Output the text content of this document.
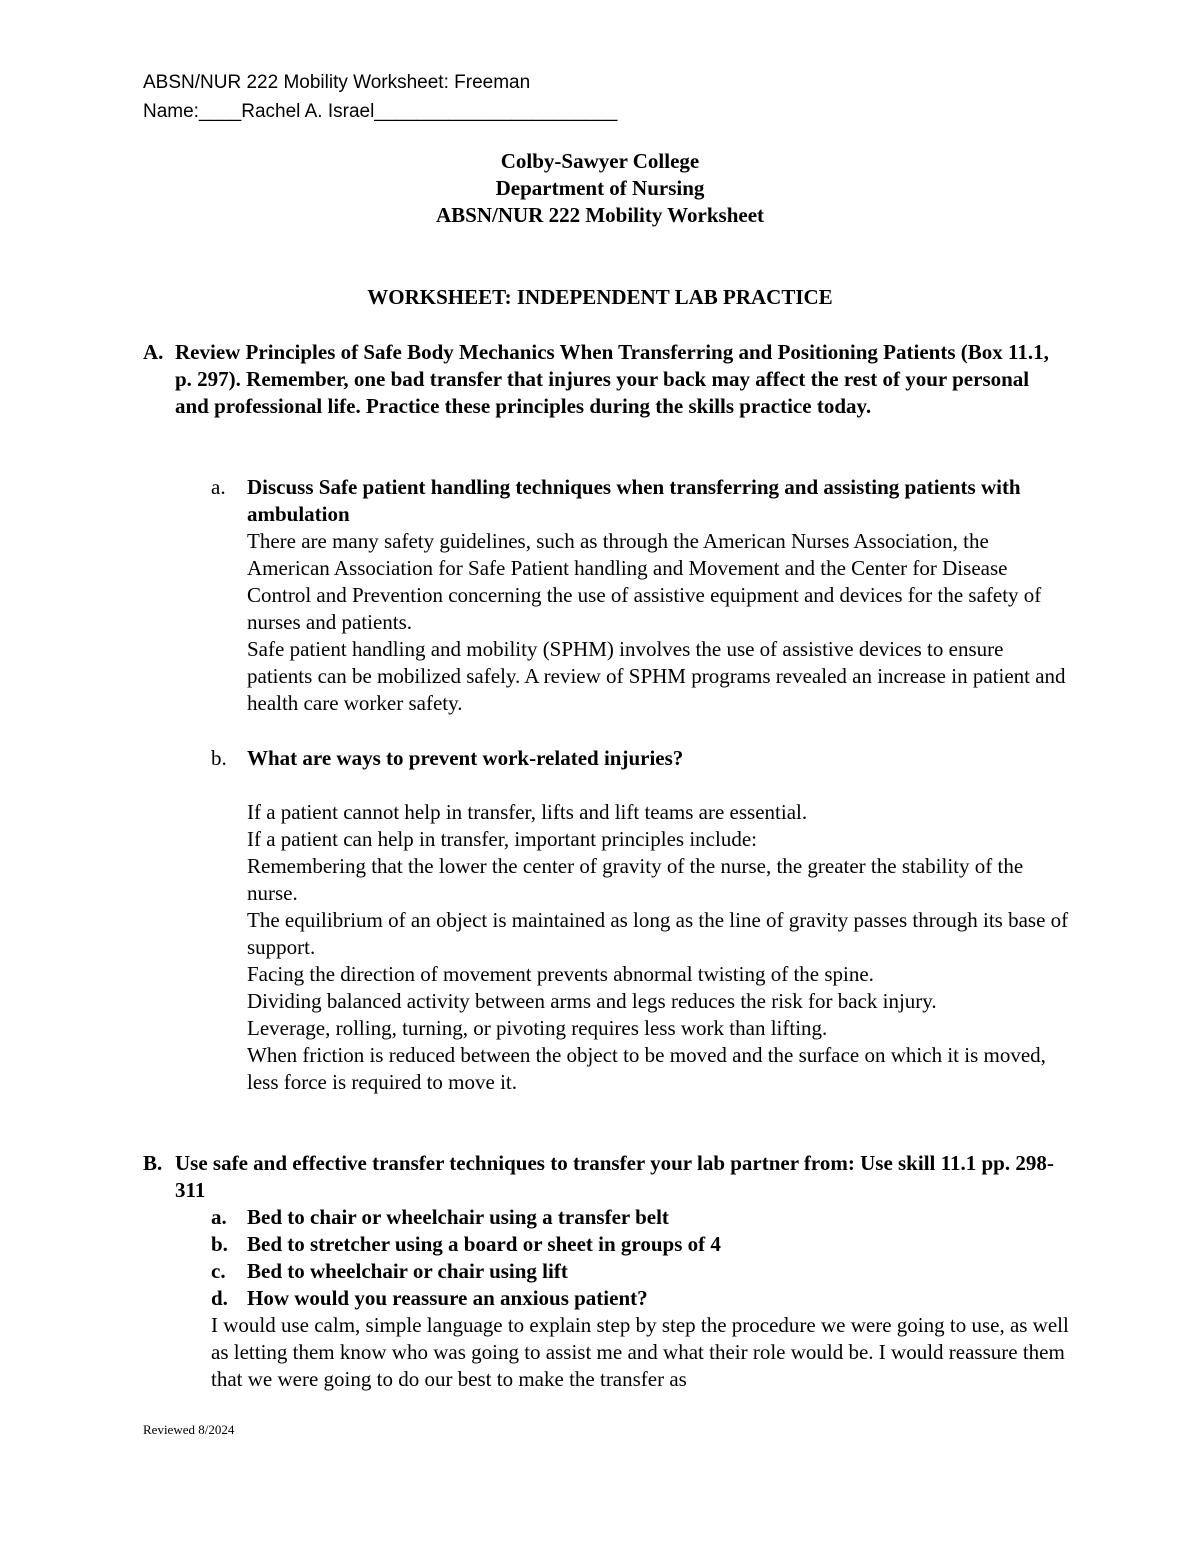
ABSN/NUR 222 Mobility Worksheet: Freeman
Name:____Rachel A. Israel_______________________
Colby-Sawyer College
Department of Nursing
ABSN/NUR 222 Mobility Worksheet
WORKSHEET: INDEPENDENT LAB PRACTICE
A. Review Principles of Safe Body Mechanics When Transferring and Positioning Patients (Box 11.1, p. 297). Remember, one bad transfer that injures your back may affect the rest of your personal and professional life. Practice these principles during the skills practice today.
a.	Discuss Safe patient handling techniques when transferring and assisting patients with ambulation

There are many safety guidelines, such as through the American Nurses Association, the American Association for Safe Patient handling and Movement and the Center for Disease Control and Prevention concerning the use of assistive equipment and devices for the safety of nurses and patients.

Safe patient handling and mobility (SPHM) involves the use of assistive devices to ensure patients can be mobilized safely. A review of SPHM programs revealed an increase in patient and health care worker safety.

b. What are ways to prevent work-related injuries?

If a patient cannot help in transfer, lifts and lift teams are essential.

If a patient can help in transfer, important principles include:

Remembering that the lower the center of gravity of the nurse, the greater the stability of the nurse.

The equilibrium of an object is maintained as long as the line of gravity passes through its base of support.

Facing the direction of movement prevents abnormal twisting of the spine.

Dividing balanced activity between arms and legs reduces the risk for back injury.

Leverage, rolling, turning, or pivoting requires less work than lifting.

When friction is reduced between the object to be moved and the surface on which it is moved, less force is required to move it.

B. Use safe and effective transfer techniques to transfer your lab partner from: Use skill 11.1 pp. 298-311
a. Bed to chair or wheelchair using a transfer belt
b. Bed to stretcher using a board or sheet in groups of 4
c.	Bed to wheelchair or chair using lift
d. How would you reassure an anxious patient?
I would use calm, simple language to explain step by step the procedure we were going to use, as well as letting them know who was going to assist me and what their role would be. I would reassure them that we were going to do our best to make the transfer as
Reviewed 8/2024
